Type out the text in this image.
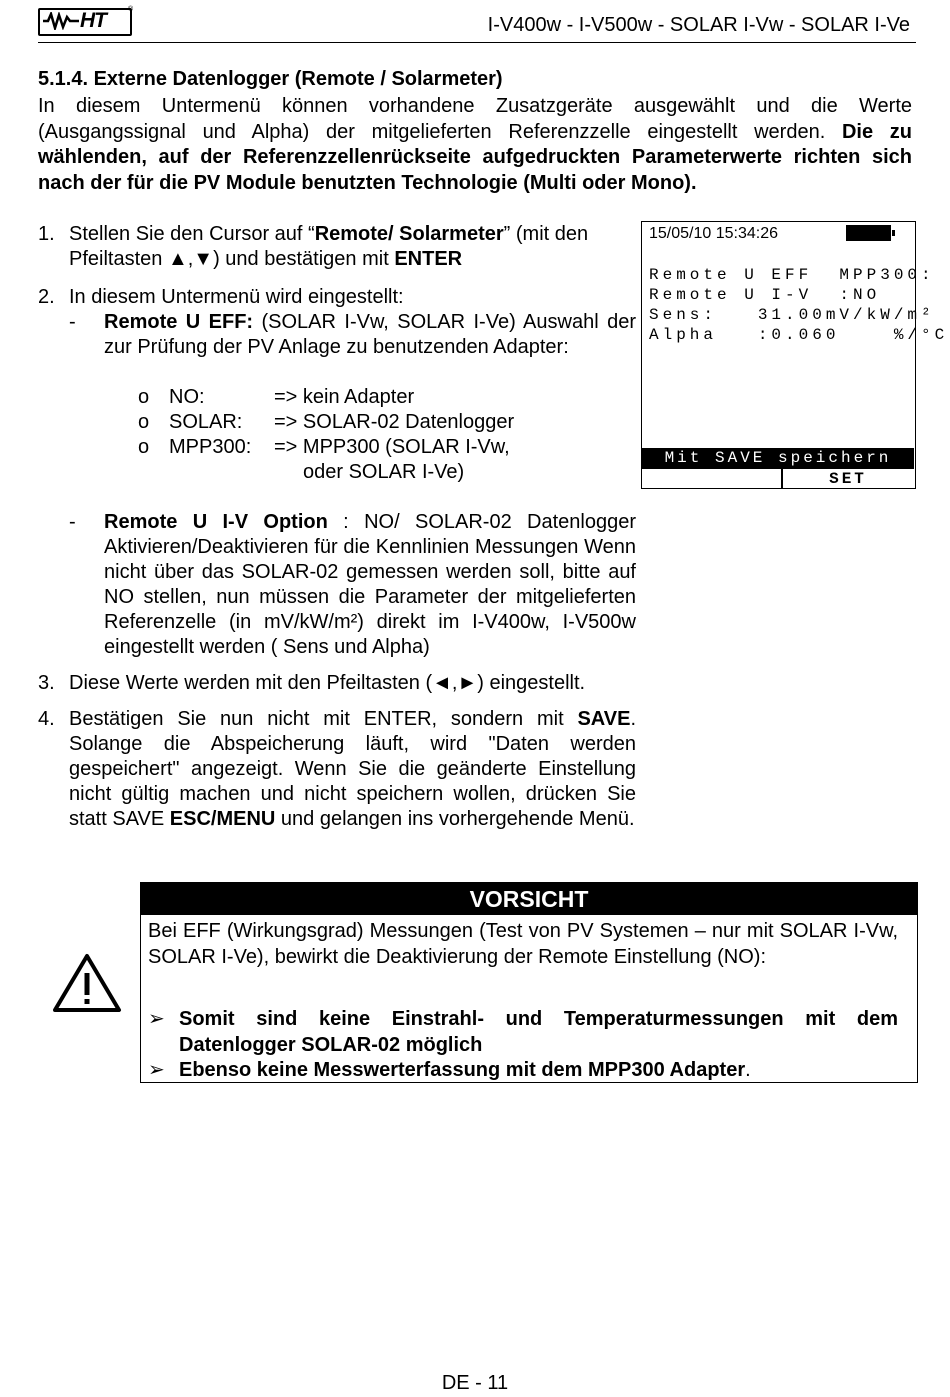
HT	®
I-V400w - I-V500w - SOLAR I-Vw - SOLAR I-Ve
5.1.4. Externe Datenlogger (Remote / Solarmeter)
In diesem Untermenü können vorhandene Zusatzgeräte ausgewählt und die Werte (Ausgangssignal und Alpha) der mitgelieferten Referenzzelle eingestellt werden. Die zu wählenden, auf der Referenzzellenrückseite aufgedruckten Parameterwerte richten sich nach der für die PV Module benutzten Technologie (Multi oder Mono).
1. Stellen Sie den Cursor auf “Remote/ Solarmeter” (mit den Pfeiltasten ▲,▼) und bestätigen mit ENTER
2. In diesem Untermenü wird eingestellt:
- Remote U EFF: (SOLAR I-Vw, SOLAR I-Ve) Auswahl der zur Prüfung der PV Anlage zu benutzenden Adapter:
o NO:	=> kein Adapter
o SOLAR: => SOLAR-02 Datenlogger
o MPP300: => MPP300 (SOLAR I-Vw,
oder SOLAR I-Ve)
- Remote U I-V Option : NO/ SOLAR-02 Datenlogger Aktivieren/Deaktivieren für die Kennlinien Messungen Wenn nicht über das SOLAR-02 gemessen werden soll, bitte auf NO stellen, nun müssen die Parameter der mitgelieferten Referenzelle (in mV/kW/m²) direkt im I-V400w, I-V500w eingestellt werden ( Sens und Alpha)
3. Diese Werte werden mit den Pfeiltasten (◄,►) eingestellt.
4. Bestätigen Sie nun nicht mit ENTER, sondern mit SAVE. Solange die Abspeicherung läuft, wird "Daten werden gespeichert" angezeigt. Wenn Sie die geänderte Einstellung nicht gültig machen und nicht speichern wollen, drücken Sie statt SAVE ESC/MENU und gelangen ins vorhergehende Menü.
15/05/10 15:34:26
Remote U EFF  MPP300:
Remote U I-V  :NO
Sens:   31.00mV/kW/m²
Alpha   :0.060    %/°C
Mit SAVE speichern
SET
VORSICHT
Bei EFF (Wirkungsgrad) Messungen (Test von PV Systemen – nur mit SOLAR I-Vw, SOLAR I-Ve), bewirkt die Deaktivierung der Remote Einstellung (NO):
➢ Somit sind keine Einstrahl- und Temperaturmessungen mit dem Datenlogger SOLAR-02 möglich
➢ Ebenso keine Messwerterfassung mit dem MPP300 Adapter.
DE - 11
